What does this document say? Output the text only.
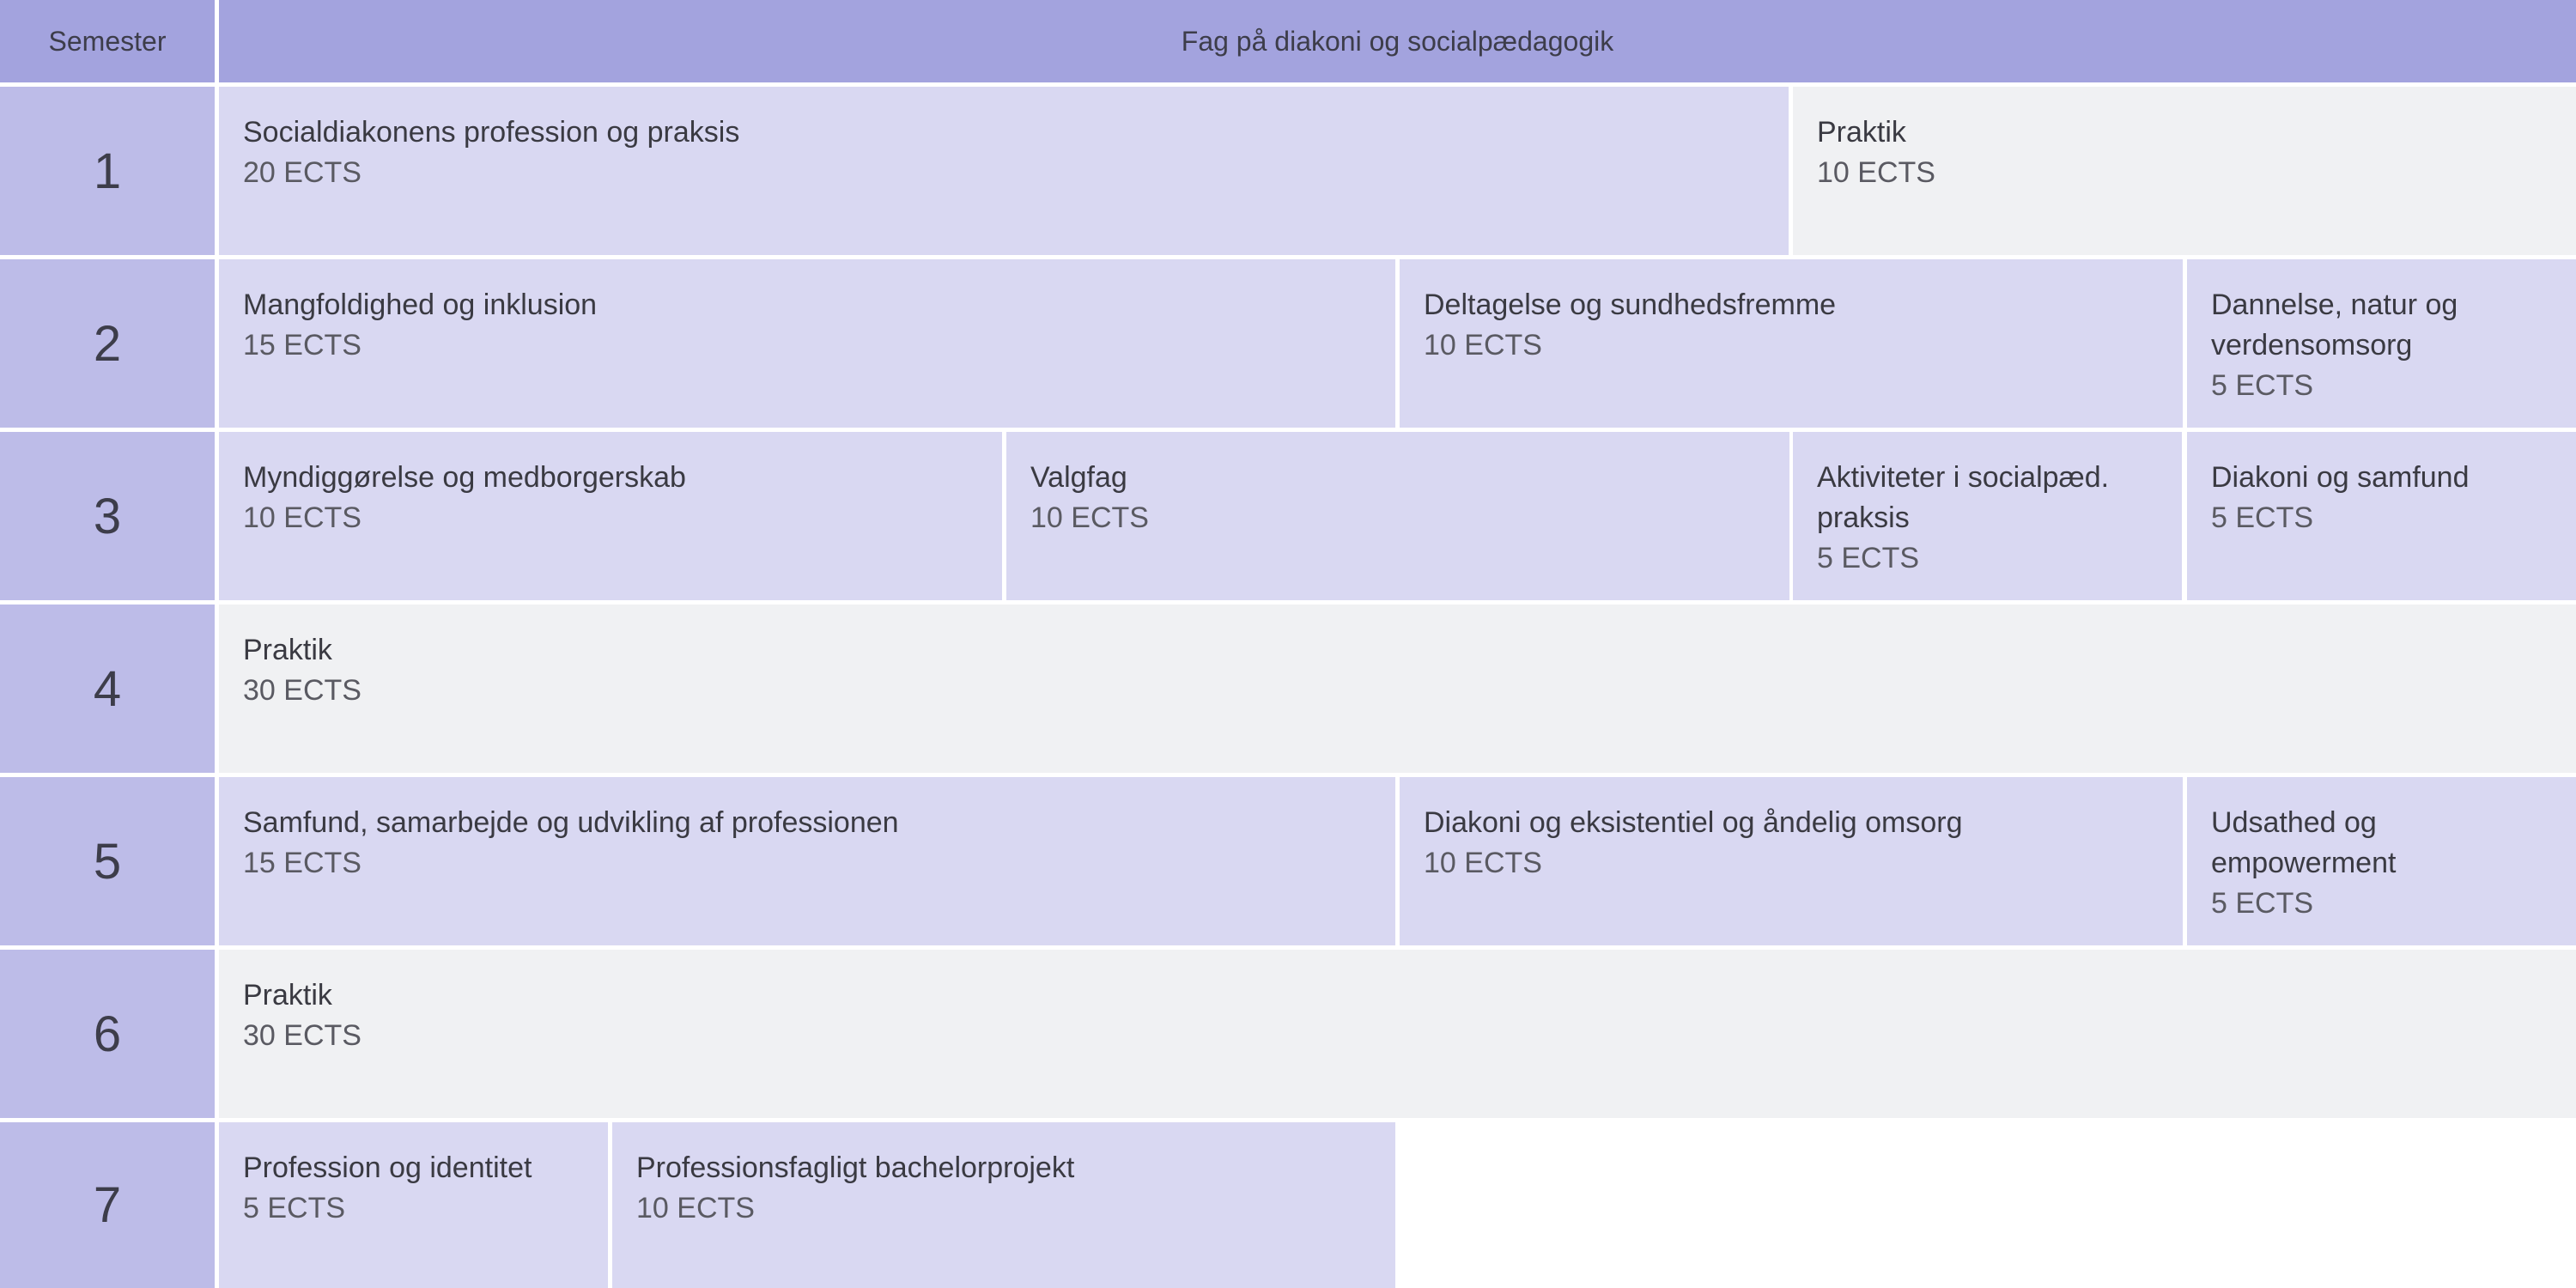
Semester	Fag på diakoni og socialpædagogik
1
Socialdiakonens profession og praksis
20 ECTS
Praktik
10 ECTS
2
Mangfoldighed og inklusion
15 ECTS
Deltagelse og sundhedsfremme
10 ECTS
Dannelse, natur og verdensomsorg
5 ECTS
3
Myndiggørelse og medborgerskab
10 ECTS
Valgfag
10 ECTS
Aktiviteter i socialpæd. praksis
5 ECTS
Diakoni og samfund
5 ECTS
4
Praktik
30 ECTS
5
Samfund, samarbejde og udvikling af professionen
15 ECTS
Diakoni og eksistentiel og åndelig omsorg
10 ECTS
Udsathed og empowerment
5 ECTS
6
Praktik
30 ECTS
7
Profession og identitet
5 ECTS
Professionsfagligt bachelorprojekt
10 ECTS
